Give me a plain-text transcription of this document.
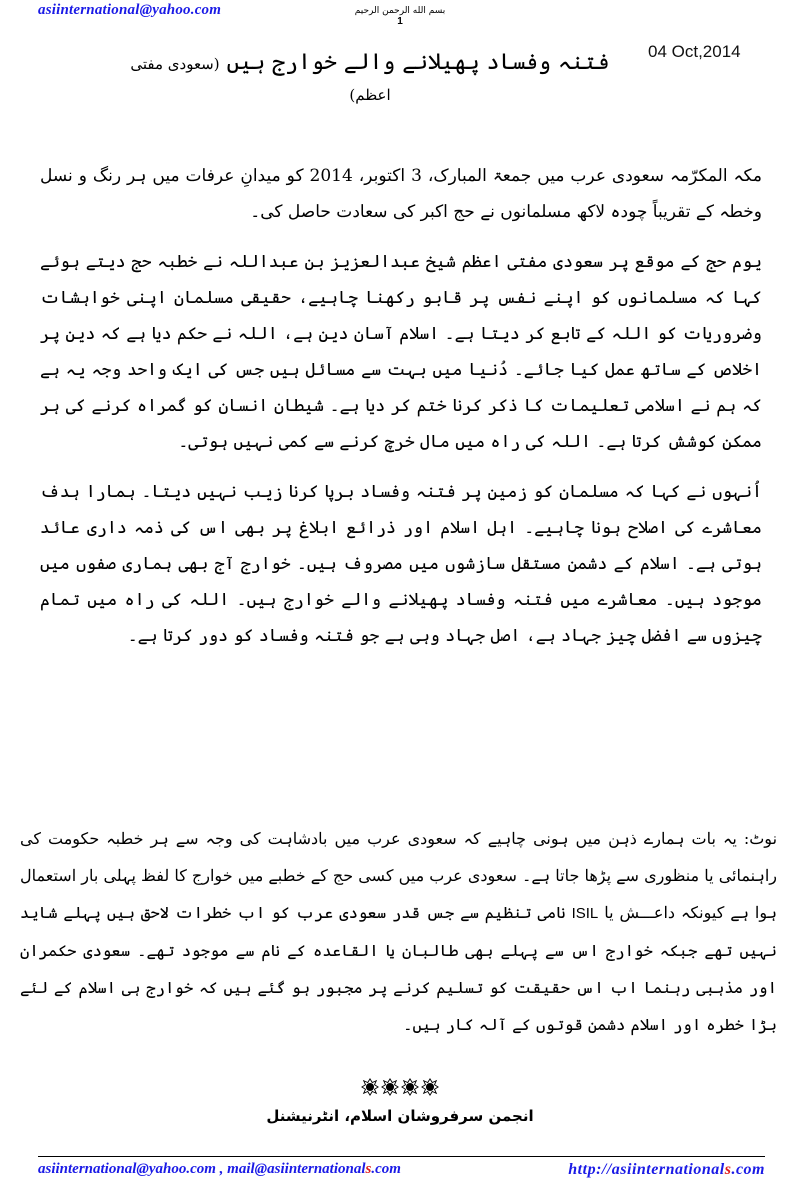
asiinternational@yahoo.com	بسم الله الرحمن الرحیم
1
04 Oct,2014
فتنہ وفساد پھیلانے والے خوارج ہیں (سعودی مفتی اعظم)

مکہ المکرّمہ سعودی عرب میں جمعۃ المبارک، 3 اکتوبر، 2014 کو میدانِ عرفات میں ہر رنگ و نسل وخطہ کے تقریباً چودہ لاکھ مسلمانوں نے حج اکبر کی سعادت حاصل کی۔

یوم حج کے موقع پر سعودی مفتی اعظم شیخ عبدالعزیز بن عبداللہ نے خطبہ حج دیتے ہوئے کہا کہ مسلمانوں کو اپنے نفس پر قابو رکھنا چاہیے، حقیقی مسلمان اپنی خواہشات وضروریات کو اللہ کے تابع کر دیتا ہے۔ اسلام آسان دین ہے، اللہ نے حکم دیا ہے کہ دین پر اخلاص کے ساتھ عمل کیا جائے۔ دُنیا میں بہت سے مسائل ہیں جس کی ایک واحد وجہ یہ ہے کہ ہم نے اسلامی تعلیمات کا ذکر کرنا ختم کر دیا ہے۔ شیطان انسان کو گمراہ کرنے کی ہر ممکن کوشش کرتا ہے۔ اللہ کی راہ میں مال خرچ کرنے سے کمی نہیں ہوتی۔

اُنہوں نے کہا کہ مسلمان کو زمین پر فتنہ وفساد برپا کرنا زیب نہیں دیتا۔ ہمارا ہدف معاشرے کی اصلاح ہونا چاہیے۔ اہل اسلام اور ذرائع ابلاغ پر بھی اس کی ذمہ داری عائد ہوتی ہے۔ اسلام کے دشمن مستقل سازشوں میں مصروف ہیں۔ خوارج آج بھی ہماری صفوں میں موجود ہیں۔ معاشرے میں فتنہ وفساد پھیلانے والے خوارج ہیں۔ اللہ کی راہ میں تمام چیزوں سے افضل چیز جہاد ہے، اصل جہاد وہی ہے جو فتنہ وفساد کو دور کرتا ہے۔

نوٹ: یہ بات ہمارے ذہن میں ہونی چاہیے کہ سعودی عرب میں بادشاہت کی وجہ سے ہر خطبہ حکومت کی راہنمائی یا منظوری سے پڑھا جاتا ہے۔ سعودی عرب میں کسی حج کے خطبے میں خوارج کا لفظ پہلی بار استعمال ہوا ہے کیونکہ داعـــش یا ISIL نامی تنظیم سے جس قدر سعودی عرب کو اب خطرات لاحق ہیں پہلے شاید نہیں تھے جبکہ خوارج اس سے پہلے بھی طالبان یا القاعدہ کے نام سے موجود تھے۔ سعودی حکمران اور مذہبی رہنما اب اس حقیقت کو تسلیم کرنے پر مجبور ہو گئے ہیں کہ خوارج ہی اسلام کے لئے بڑا خطرہ اور اسلام دشمن قوتوں کے آلہ کار ہیں۔
انجمن سرفروشان اسلام، انٹرنیشنل
asiinternational@yahoo.com , mail@asiinternationals.com	http://asiinternationals.com
